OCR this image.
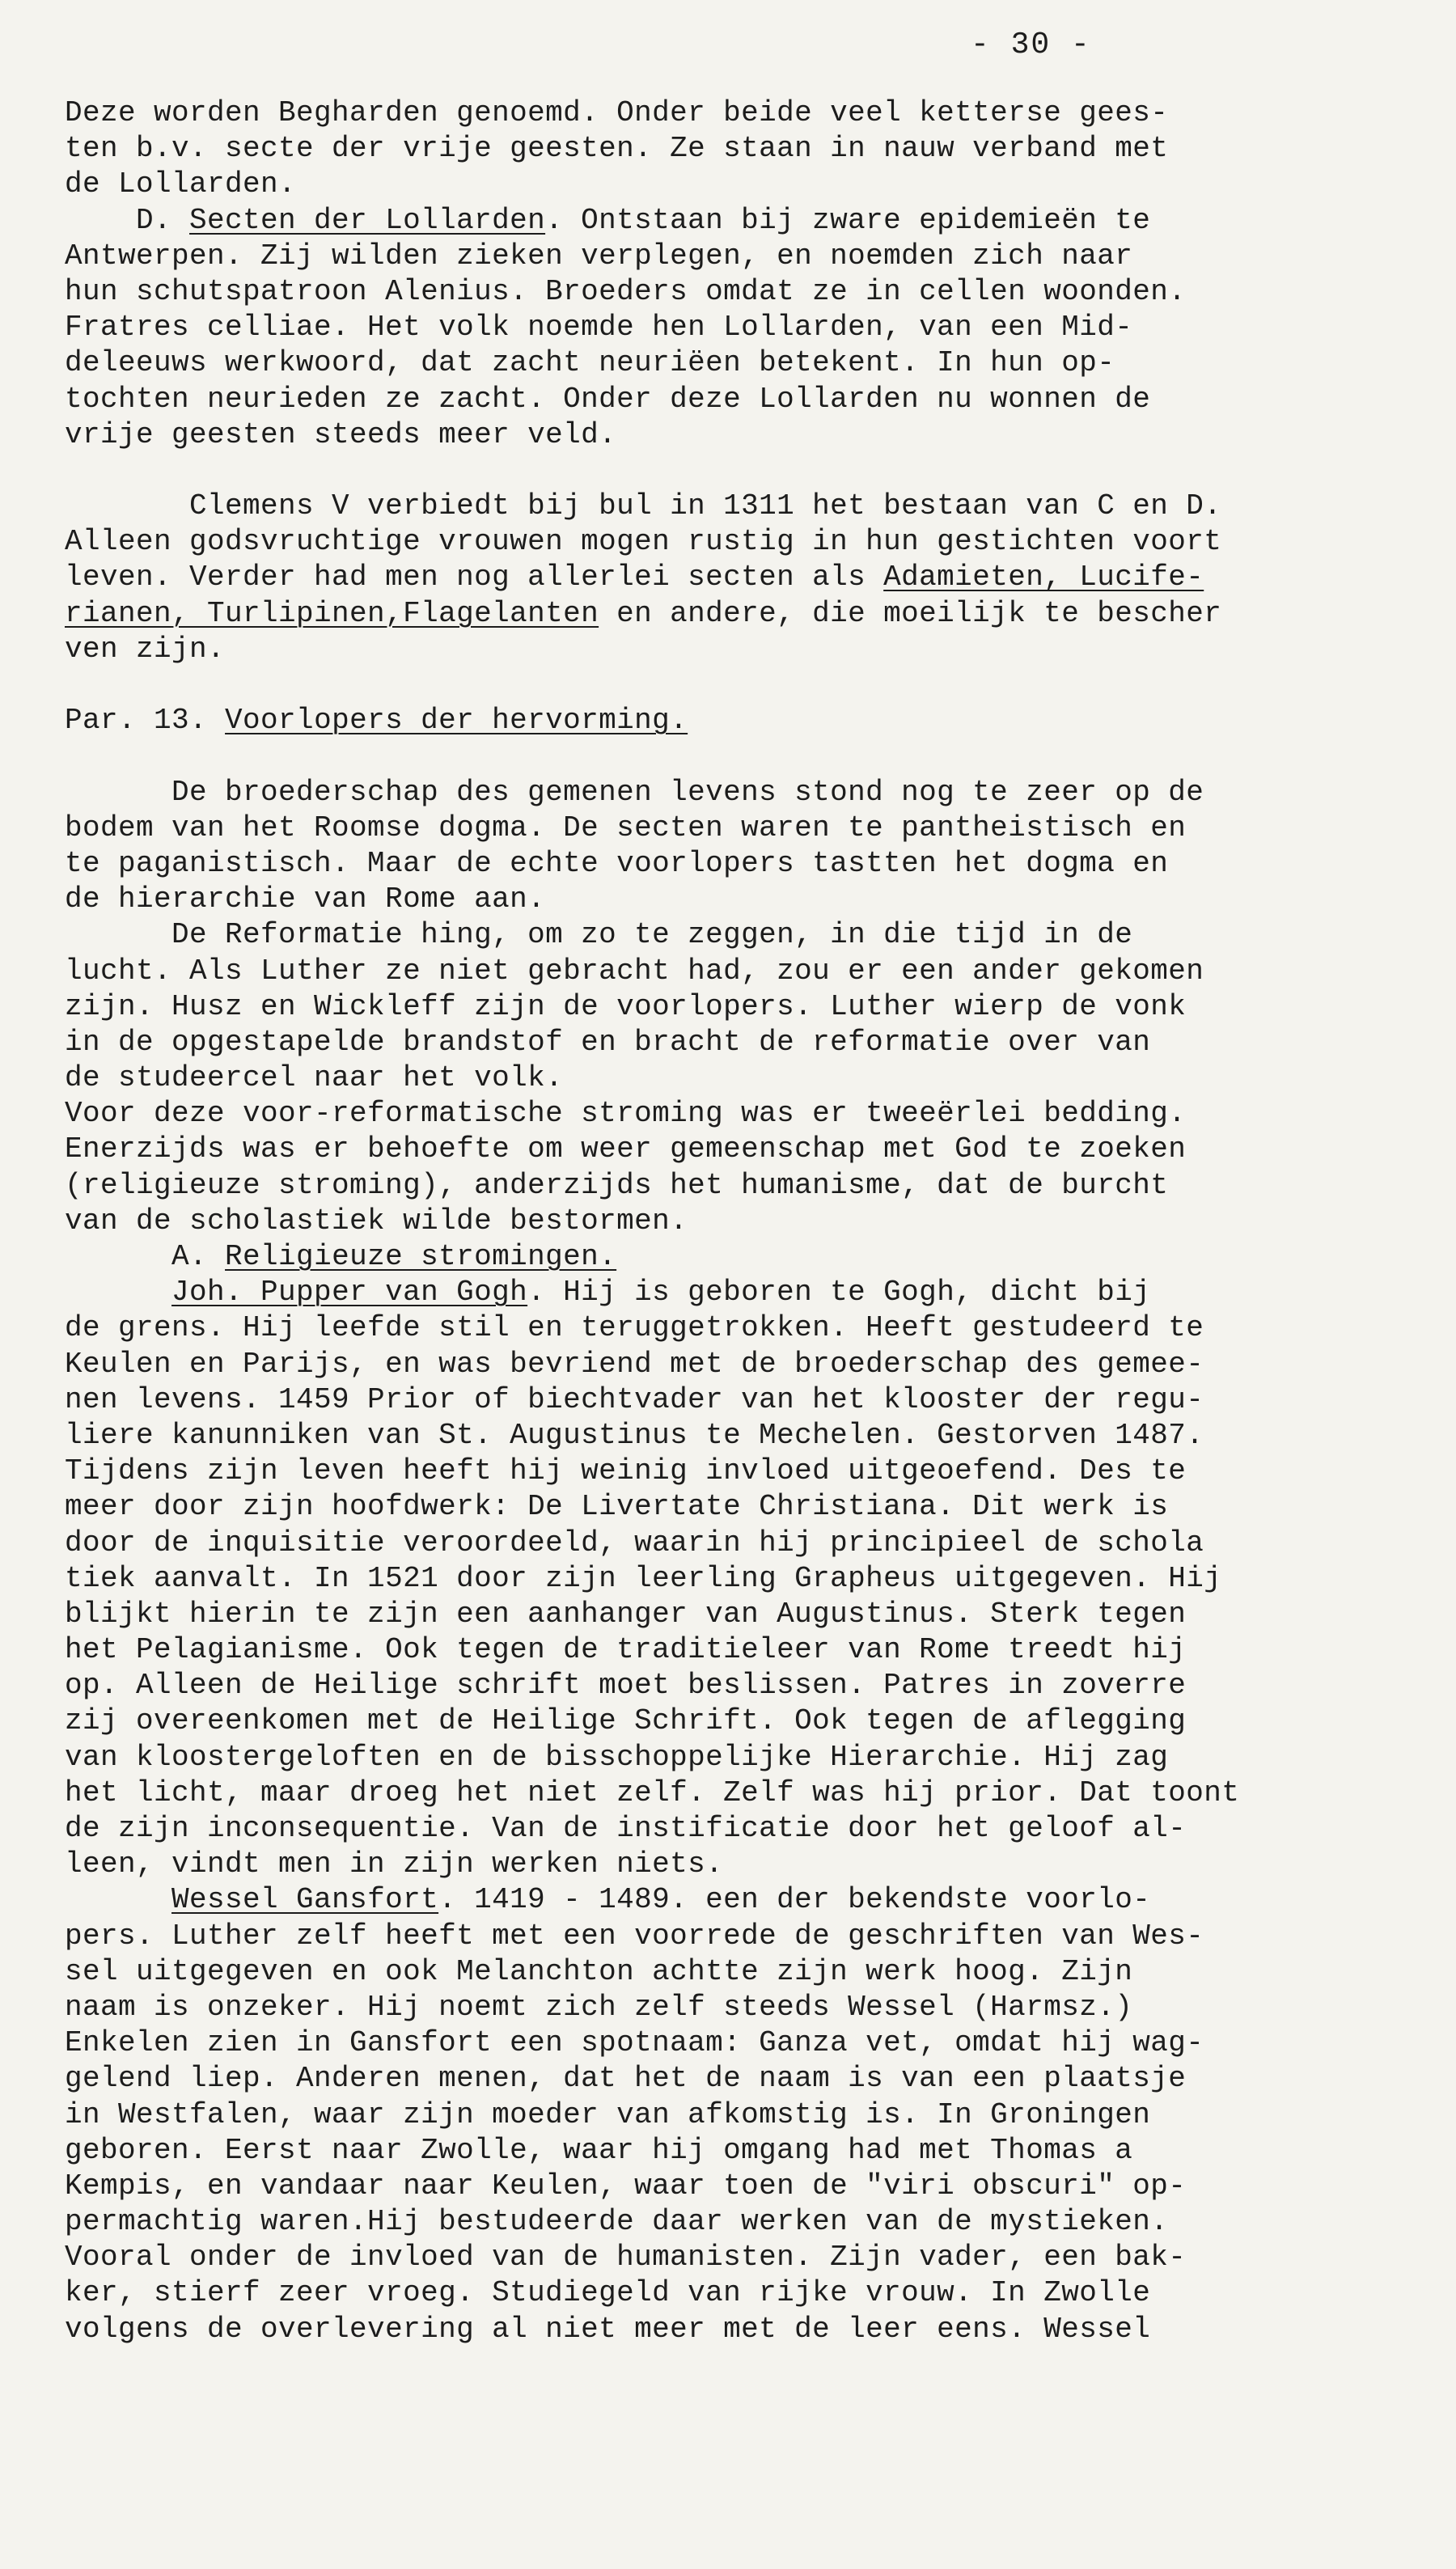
- 30 -
Deze worden Begharden genoemd. Onder beide veel ketterse gees-
ten b.v. secte der vrije geesten. Ze staan in nauw verband met
de Lollarden.
D. Secten der Lollarden. Ontstaan bij zware epidemieën te
Antwerpen. Zij wilden zieken verplegen, en noemden zich naar
hun schutspatroon Alenius. Broeders omdat ze in cellen woonden.
Fratres celliae. Het volk noemde hen Lollarden, van een Mid-
deleeuws werkwoord, dat zacht neuriëen betekent. In hun op-
tochten neurieden ze zacht. Onder deze Lollarden nu wonnen de
vrije geesten steeds meer veld.
Clemens V verbiedt bij bul in 1311 het bestaan van C en D.
Alleen godsvruchtige vrouwen mogen rustig in hun gestichten voort
leven. Verder had men nog allerlei secten als Adamieten, Lucife-
rianen, Turlipinen,Flagelanten en andere, die moeilijk te bescher
ven zijn.
Par. 13. Voorlopers der hervorming.
De broederschap des gemenen levens stond nog te zeer op de
bodem van het Roomse dogma. De secten waren te pantheistisch en
te paganistisch. Maar de echte voorlopers tastten het dogma en
de hierarchie van Rome aan.
De Reformatie hing, om zo te zeggen, in die tijd in de
lucht. Als Luther ze niet gebracht had, zou er een ander gekomen
zijn. Husz en Wickleff zijn de voorlopers. Luther wierp de vonk
in de opgestapelde brandstof en bracht de reformatie over van
de studeercel naar het volk.
Voor deze voor-reformatische stroming was er tweeërlei bedding.
Enerzijds was er behoefte om weer gemeenschap met God te zoeken
(religieuze stroming), anderzijds het humanisme, dat de burcht
van de scholastiek wilde bestormen.
A. Religieuze stromingen.
Joh. Pupper van Gogh. Hij is geboren te Gogh, dicht bij
de grens. Hij leefde stil en teruggetrokken. Heeft gestudeerd te
Keulen en Parijs, en was bevriend met de broederschap des gemee-
nen levens. 1459 Prior of biechtvader van het klooster der regu-
liere kanunniken van St. Augustinus te Mechelen. Gestorven 1487.
Tijdens zijn leven heeft hij weinig invloed uitgeoefend. Des te
meer door zijn hoofdwerk: De Livertate Christiana. Dit werk is
door de inquisitie veroordeeld, waarin hij principieel de schola
tiek aanvalt. In 1521 door zijn leerling Grapheus uitgegeven. Hij
blijkt hierin te zijn een aanhanger van Augustinus. Sterk tegen
het Pelagianisme. Ook tegen de traditieleer van Rome treedt hij
op. Alleen de Heilige schrift moet beslissen. Patres in zoverre
zij overeenkomen met de Heilige Schrift. Ook tegen de aflegging
van kloostergeloften en de bisschoppelijke Hierarchie. Hij zag
het licht, maar droeg het niet zelf. Zelf was hij prior. Dat toont
de zijn inconsequentie. Van de instificatie door het geloof al-
leen, vindt men in zijn werken niets.
Wessel Gansfort. 1419 - 1489. een der bekendste voorlo-
pers. Luther zelf heeft met een voorrede de geschriften van Wes-
sel uitgegeven en ook Melanchton achtte zijn werk hoog. Zijn
naam is onzeker. Hij noemt zich zelf steeds Wessel (Harmsz.)
Enkelen zien in Gansfort een spotnaam: Ganza vet, omdat hij wag-
gelend liep. Anderen menen, dat het de naam is van een plaatsje
in Westfalen, waar zijn moeder van afkomstig is. In Groningen
geboren. Eerst naar Zwolle, waar hij omgang had met Thomas a
Kempis, en vandaar naar Keulen, waar toen de "viri obscuri" op-
permachtig waren.Hij bestudeerde daar werken van de mystieken.
Vooral onder de invloed van de humanisten. Zijn vader, een bak-
ker, stierf zeer vroeg. Studiegeld van rijke vrouw. In Zwolle
volgens de overlevering al niet meer met de leer eens. Wessel
